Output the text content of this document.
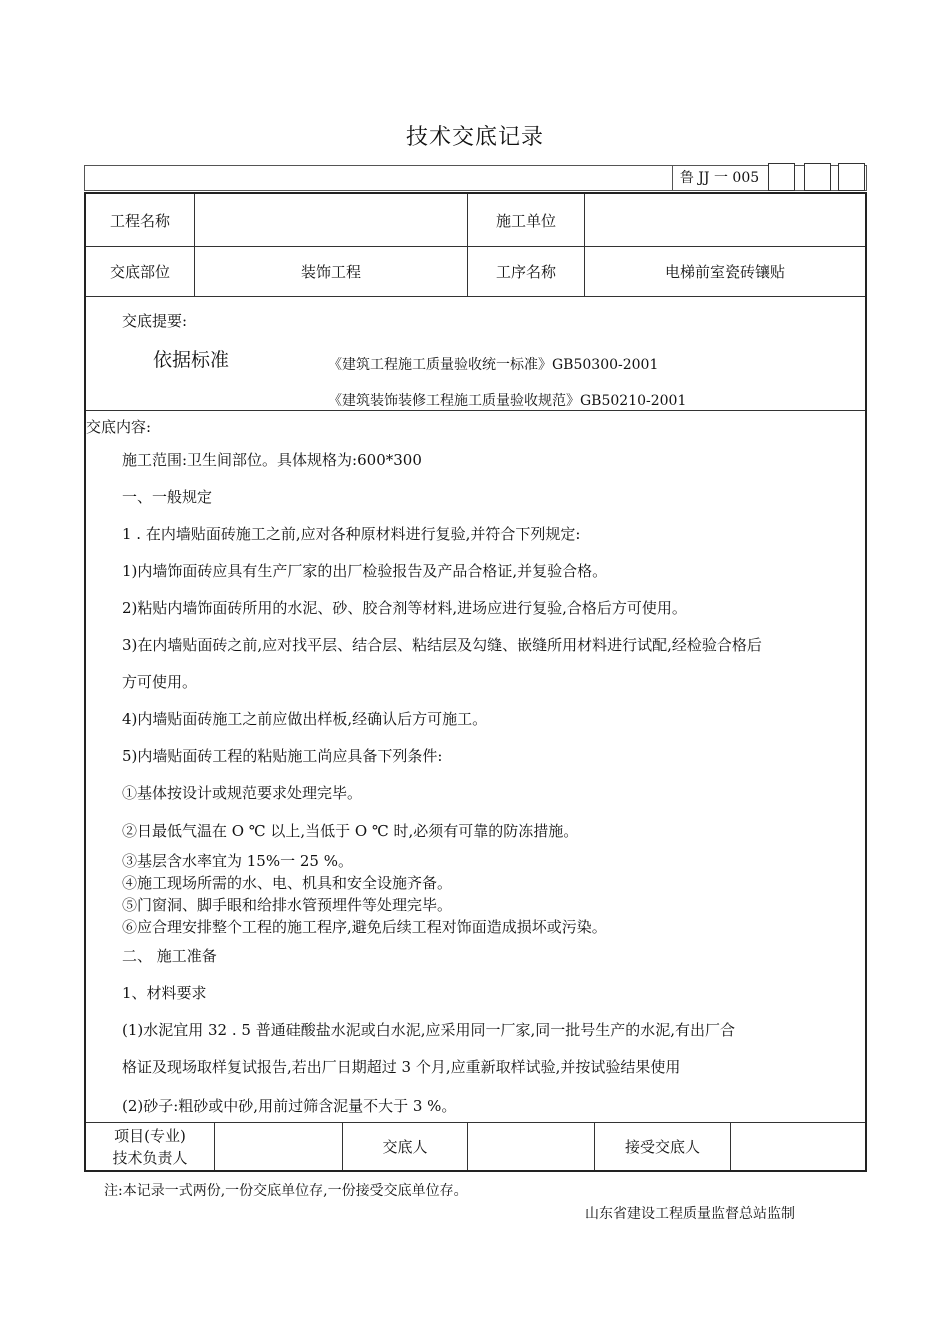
技术交底记录
鲁 JJ 一 005
工程名称	施工单位
交底部位	装饰工程	工序名称	电梯前室瓷砖镶贴
交底提要:
依据标准	《建筑工程施工质量验收统一标准》GB50300-2001
《建筑装饰装修工程施工质量验收规范》GB50210-2001
交底内容:
施工范围:卫生间部位。具体规格为:600*300
一、一般规定
1 . 在内墙贴面砖施工之前,应对各种原材料进行复验,并符合下列规定:
1)内墙饰面砖应具有生产厂家的出厂检验报告及产品合格证,并复验合格。
2)粘贴内墙饰面砖所用的水泥、砂、胶合剂等材料,进场应进行复验,合格后方可使用。
3)在内墙贴面砖之前,应对找平层、结合层、粘结层及勾缝、嵌缝所用材料进行试配,经检验合格后
方可使用。
4)内墙贴面砖施工之前应做出样板,经确认后方可施工。
5)内墙贴面砖工程的粘贴施工尚应具备下列条件:
①基体按设计或规范要求处理完毕。
②日最低气温在 O ℃ 以上,当低于 O ℃ 时,必须有可靠的防冻措施。
③基层含水率宜为 15%一 25 %。
④施工现场所需的水、电、机具和安全设施齐备。
⑤门窗洞、脚手眼和给排水管预埋件等处理完毕。
⑥应合理安排整个工程的施工程序,避免后续工程对饰面造成损坏或污染。
二、 施工准备
1、材料要求
(1)水泥宜用 32 . 5 普通硅酸盐水泥或白水泥,应采用同一厂家,同一批号生产的水泥,有出厂合
格证及现场取样复试报告,若出厂日期超过 3 个月,应重新取样试验,并按试验结果使用
(2)砂子:粗砂或中砂,用前过筛含泥量不大于 3 %。
项目(专业)
技术负责人
交底人	接受交底人
注:本记录一式两份,一份交底单位存,一份接受交底单位存。
山东省建设工程质量监督总站监制
